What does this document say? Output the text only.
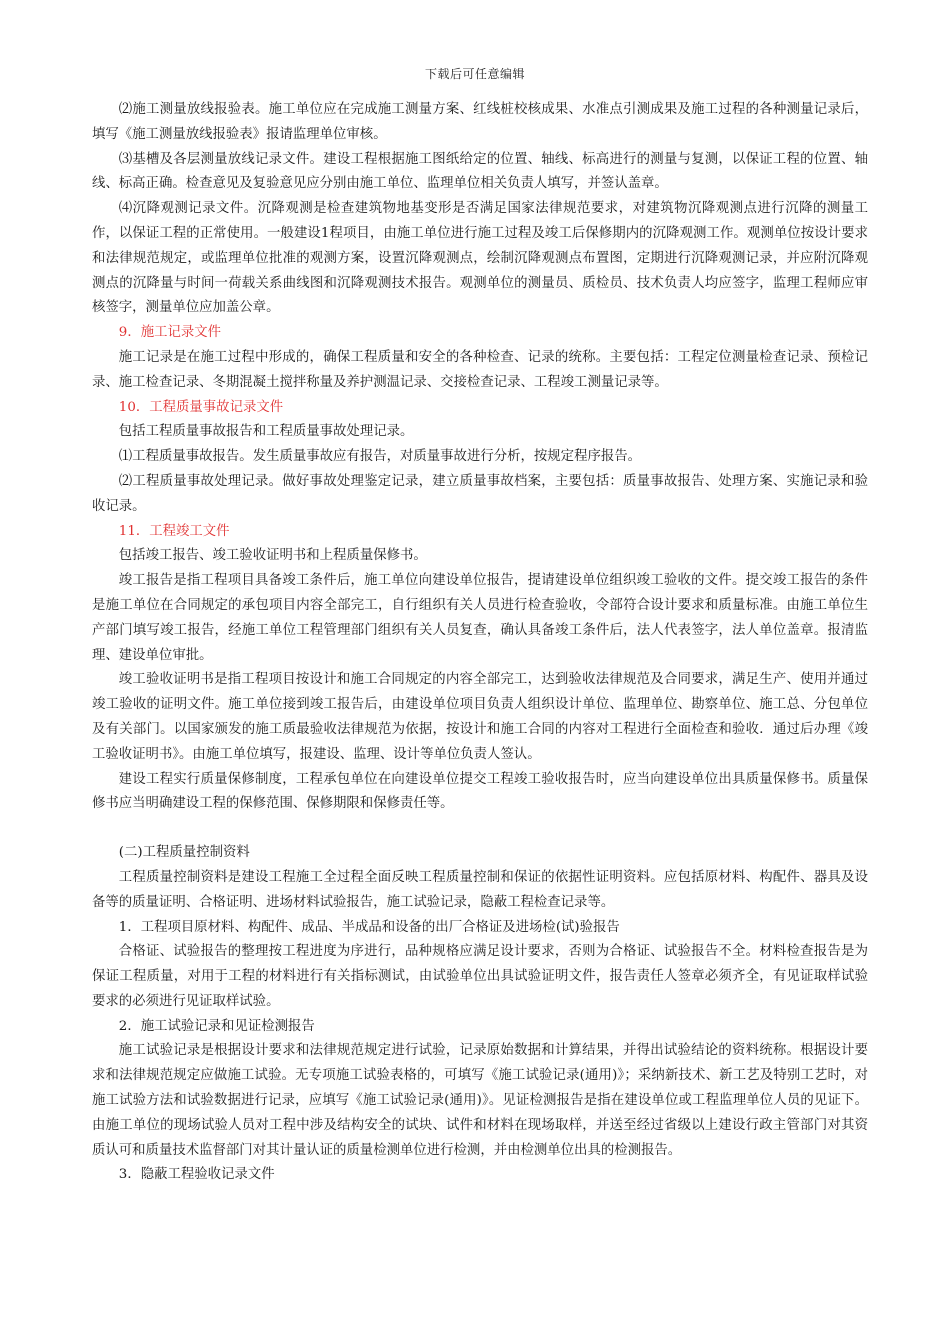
下载后可任意编辑

⑵施工测量放线报验表。施工单位应在完成施工测量方案、红线桩校核成果、水准点引测成果及施工过程的各种测量记录后，填写《施工测量放线报验表》报请监理单位审核。

⑶基槽及各层测量放线记录文件。建设工程根据施工图纸给定的位置、轴线、标高进行的测量与复测，以保证工程的位置、轴线、标高正确。检查意见及复验意见应分别由施工单位、监理单位相关负责人填写，并签认盖章。

⑷沉降观测记录文件。沉降观测是检查建筑物地基变形是否满足国家法律规范要求，对建筑物沉降观测点进行沉降的测量工作，以保证工程的正常使用。一般建设1程项目，由施工单位进行施工过程及竣工后保修期内的沉降观测工作。观测单位按设计要求和法律规范规定，或监理单位批准的观测方案，设置沉降观测点，绘制沉降观测点布置图，定期进行沉降观测记录，并应附沉降观测点的沉降量与时间一荷载关系曲线图和沉降观测技术报告。观测单位的测量员、质检员、技术负责人均应签字，监理工程师应审核签字，测量单位应加盖公章。

9．施工记录文件

施工记录是在施工过程中形成的，确保工程质量和安全的各种检查、记录的统称。主要包括：工程定位测量检查记录、预检记录、施工检查记录、冬期混凝土搅拌称量及养护测温记录、交接检查记录、工程竣工测量记录等。

10．工程质量事故记录文件

包括工程质量事故报告和工程质量事故处理记录。

⑴工程质量事故报告。发生质量事故应有报告，对质量事故进行分析，按规定程序报告。

⑵工程质量事故处理记录。做好事故处理鉴定记录，建立质量事故档案，主要包括：质量事故报告、处理方案、实施记录和验收记录。

11．工程竣工文件

包括竣工报告、竣工验收证明书和上程质量保修书。

竣工报告是指工程项目具备竣工条件后，施工单位向建设单位报告，提请建设单位组织竣工验收的文件。提交竣工报告的条件是施工单位在合同规定的承包项目内容全部完工，自行组织有关人员进行检查验收，令部符合设计要求和质量标准。由施工单位生产部门填写竣工报告，经施工单位工程管理部门组织有关人员复查，确认具备竣工条件后，法人代表签字，法人单位盖章。报清监理、建设单位审批。

竣工验收证明书是指工程项目按设计和施工合同规定的内容全部完工，达到验收法律规范及合同要求，满足生产、使用并通过竣工验收的证明文件。施工单位接到竣工报告后，由建设单位项目负责人组织设计单位、监理单位、勘察单位、施工总、分包单位及有关部门。以国家颁发的施工质最验收法律规范为依据，按设计和施工合同的内容对工程进行全面检查和验收．通过后办理《竣工验收证明书》。由施工单位填写，报建设、监理、设计等单位负责人签认。

建设工程实行质量保修制度，工程承包单位在向建设单位提交工程竣工验收报告时，应当向建设单位出具质量保修书。质量保修书应当明确建设工程的保修范围、保修期限和保修责任等。

(二)工程质量控制资料

工程质量控制资料是建设工程施工全过程全面反映工程质量控制和保证的依据性证明资料。应包括原材料、构配件、器具及设备等的质量证明、合格证明、进场材料试验报告，施工试验记录，隐蔽工程检查记录等。

1．工程项目原材料、构配件、成品、半成品和设备的出厂合格证及进场检(试)验报告

合格证、试验报告的整理按工程进度为序进行，品种规格应满足设计要求，否则为合格证、试验报告不全。材料检查报告是为保证工程质量，对用于工程的材料进行有关指标测试，由试验单位出具试验证明文件，报告责任人签章必须齐全，有见证取样试验要求的必须进行见证取样试验。

2．施工试验记录和见证检测报告

施工试验记录是根据设计要求和法律规范规定进行试验，记录原始数据和计算结果，并得出试验结论的资料统称。根据设计要求和法律规范规定应做施工试验。无专项施工试验表格的，可填写《施工试验记录(通用)》；采纳新技术、新工艺及特别工艺时，对施工试验方法和试验数据进行记录，应填写《施工试验记录(通用)》。见证检测报告是指在建设单位或工程监理单位人员的见证下。由施工单位的现场试验人员对工程中涉及结构安全的试块、试件和材料在现场取样，并送至经过省级以上建设行政主管部门对其资质认可和质量技术监督部门对其计量认证的质量检测单位进行检测，并由检测单位出具的检测报告。

3．隐蔽工程验收记录文件
